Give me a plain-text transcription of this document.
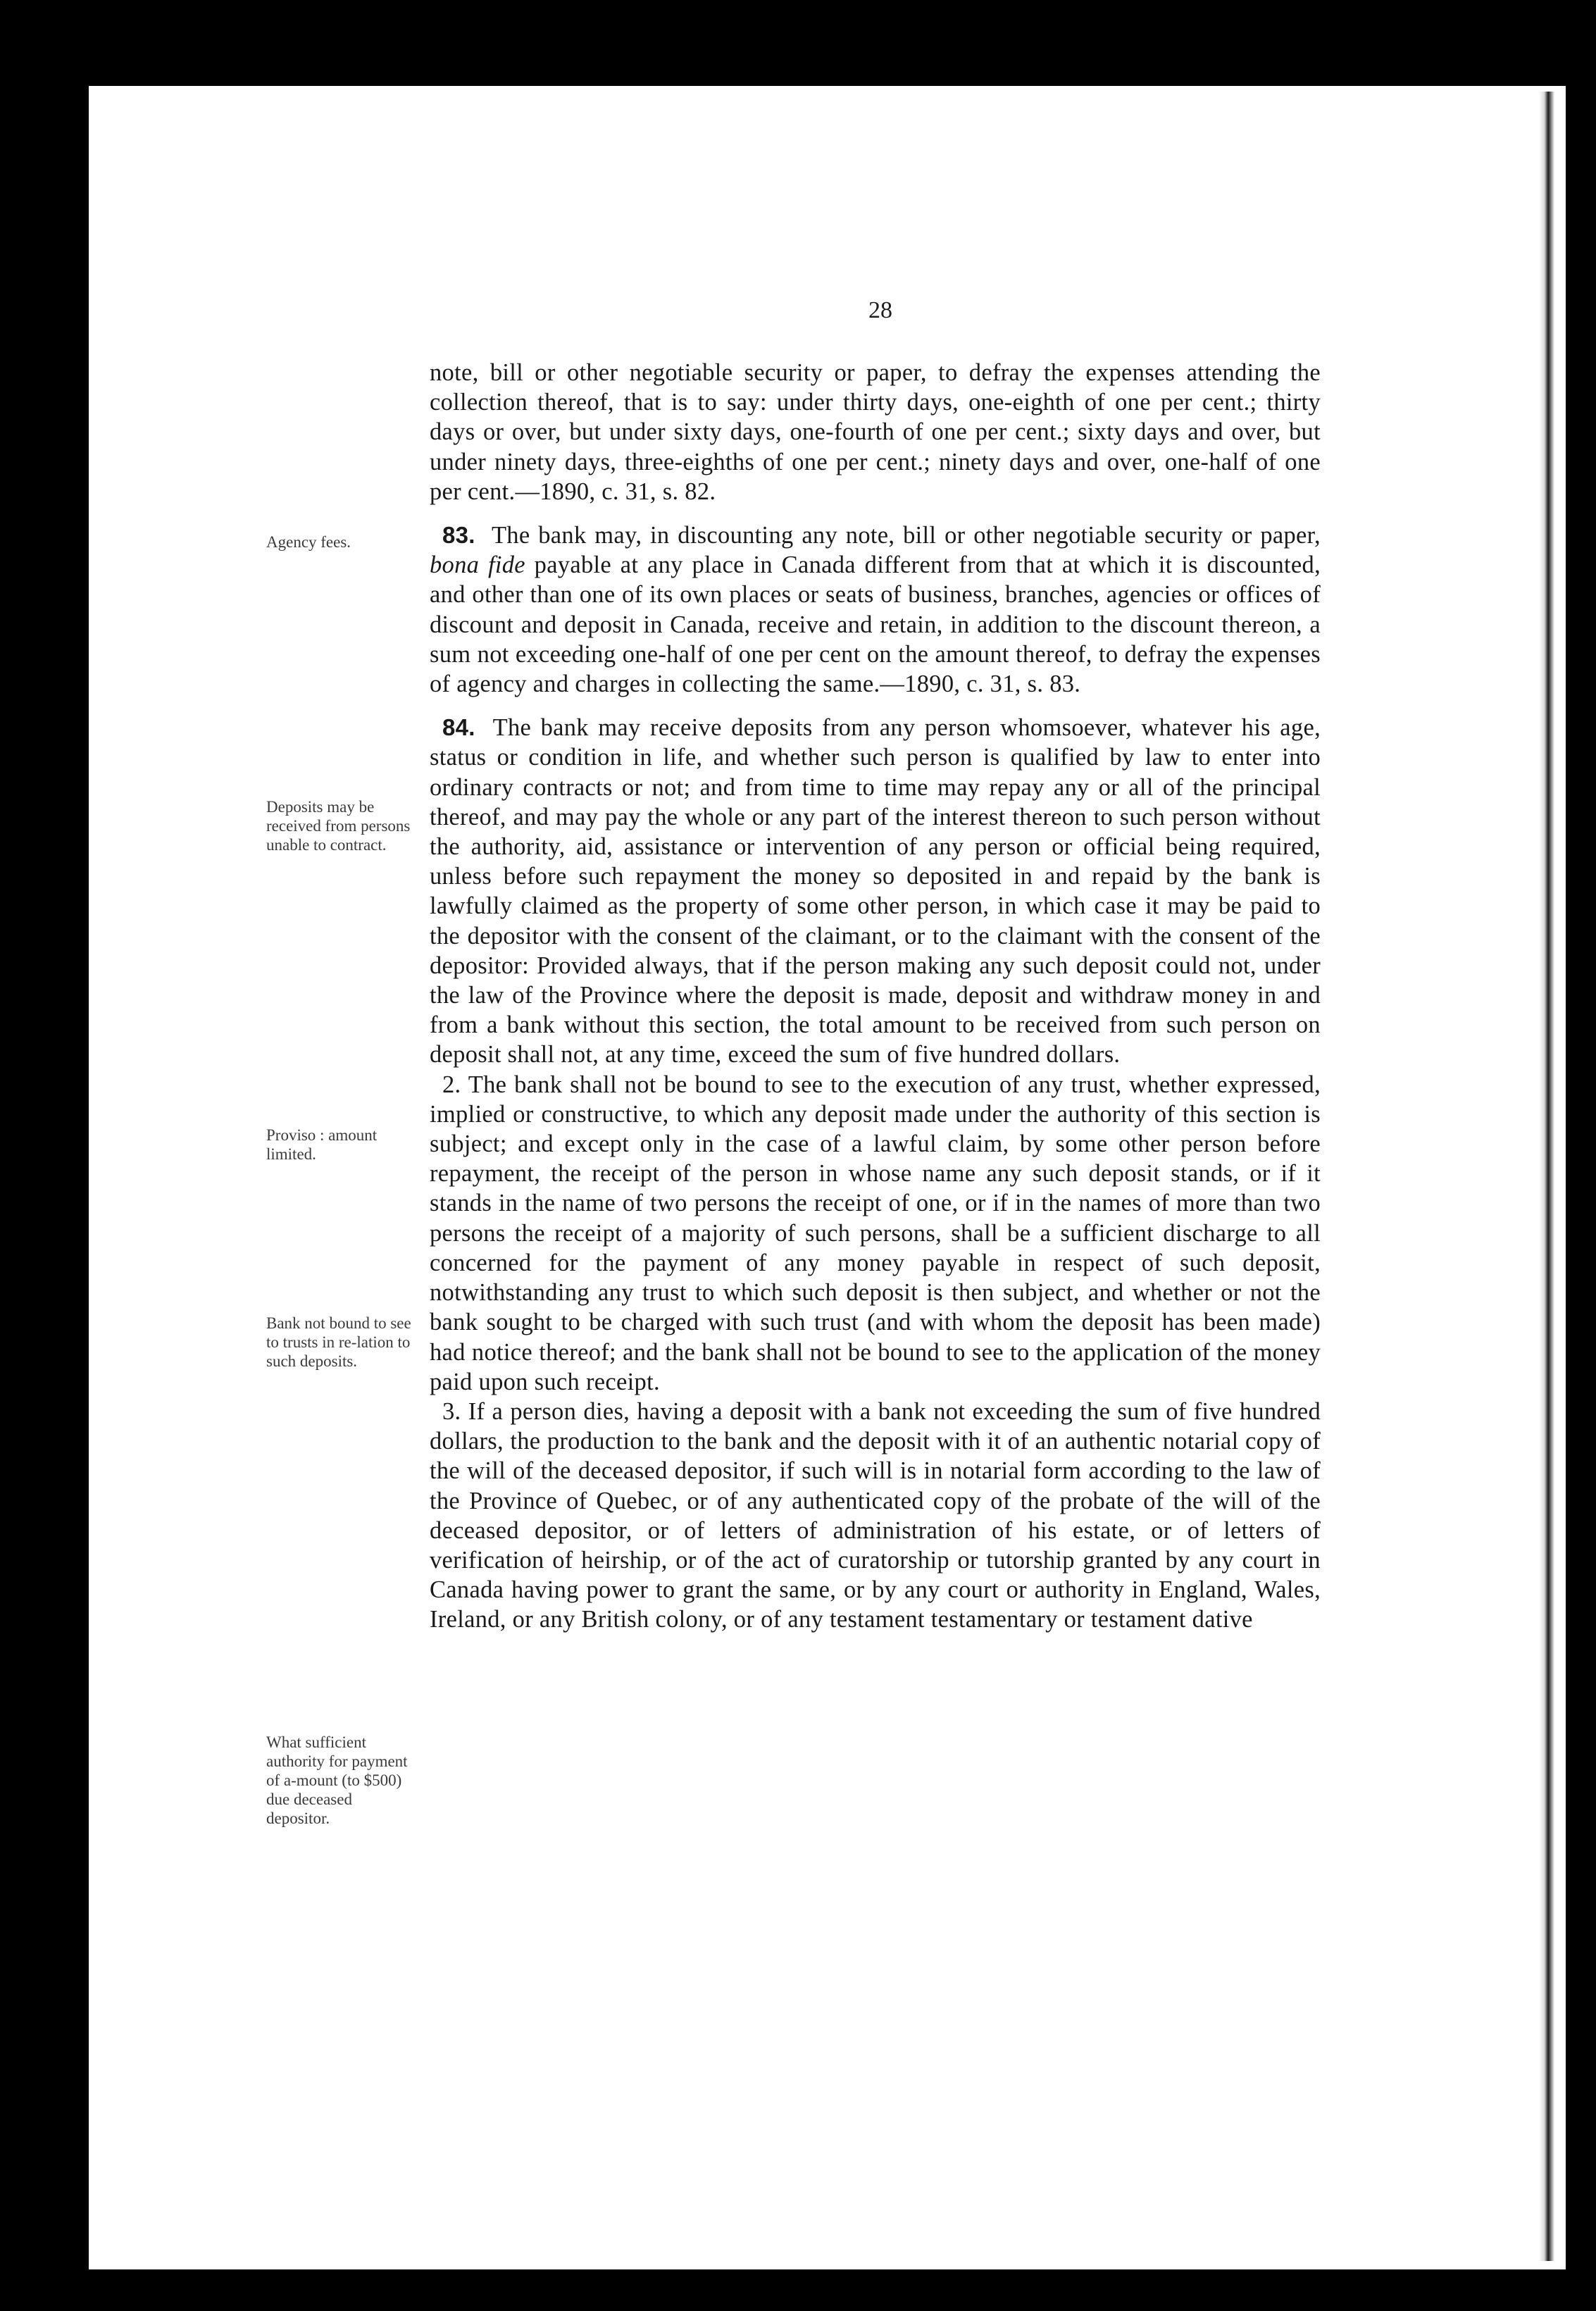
28
Agency fees.
Deposits may be received from persons unable to contract.
Proviso : amount limited.
Bank not bound to see to trusts in re-lation to such deposits.
What sufficient authority for payment of a-mount (to $500) due deceased depositor.

note, bill or other negotiable security or paper, to defray the expenses attending the collection thereof, that is to say: under thirty days, one-eighth of one per cent.; thirty days or over, but under sixty days, one-fourth of one per cent.; sixty days and over, but under ninety days, three-eighths of one per cent.; ninety days and over, one-half of one per cent.—1890, c. 31, s. 82.

83. The bank may, in discounting any note, bill or other negotiable security or paper, bona fide payable at any place in Canada different from that at which it is discounted, and other than one of its own places or seats of business, branches, agencies or offices of discount and deposit in Canada, receive and retain, in addition to the discount thereon, a sum not exceeding one-half of one per cent on the amount thereof, to defray the expenses of agency and charges in collecting the same.—1890, c. 31, s. 83.

84. The bank may receive deposits from any person whomsoever, whatever his age, status or condition in life, and whether such person is qualified by law to enter into ordinary contracts or not; and from time to time may repay any or all of the principal thereof, and may pay the whole or any part of the interest thereon to such person without the authority, aid, assistance or intervention of any person or official being required, unless before such repayment the money so deposited in and repaid by the bank is lawfully claimed as the property of some other person, in which case it may be paid to the depositor with the consent of the claimant, or to the claimant with the consent of the depositor: Provided always, that if the person making any such deposit could not, under the law of the Province where the deposit is made, deposit and withdraw money in and from a bank without this section, the total amount to be received from such person on deposit shall not, at any time, exceed the sum of five hundred dollars.

2. The bank shall not be bound to see to the execution of any trust, whether expressed, implied or constructive, to which any deposit made under the authority of this section is subject; and except only in the case of a lawful claim, by some other person before repayment, the receipt of the person in whose name any such deposit stands, or if it stands in the name of two persons the receipt of one, or if in the names of more than two persons the receipt of a majority of such persons, shall be a sufficient discharge to all concerned for the payment of any money payable in respect of such deposit, notwithstanding any trust to which such deposit is then subject, and whether or not the bank sought to be charged with such trust (and with whom the deposit has been made) had notice thereof; and the bank shall not be bound to see to the application of the money paid upon such receipt.

3. If a person dies, having a deposit with a bank not exceeding the sum of five hundred dollars, the production to the bank and the deposit with it of an authentic notarial copy of the will of the deceased depositor, if such will is in notarial form according to the law of the Province of Quebec, or of any authenticated copy of the probate of the will of the deceased depositor, or of letters of administration of his estate, or of letters of verification of heirship, or of the act of curatorship or tutorship granted by any court in Canada having power to grant the same, or by any court or authority in England, Wales, Ireland, or any British colony, or of any testament testamentary or testament dative
